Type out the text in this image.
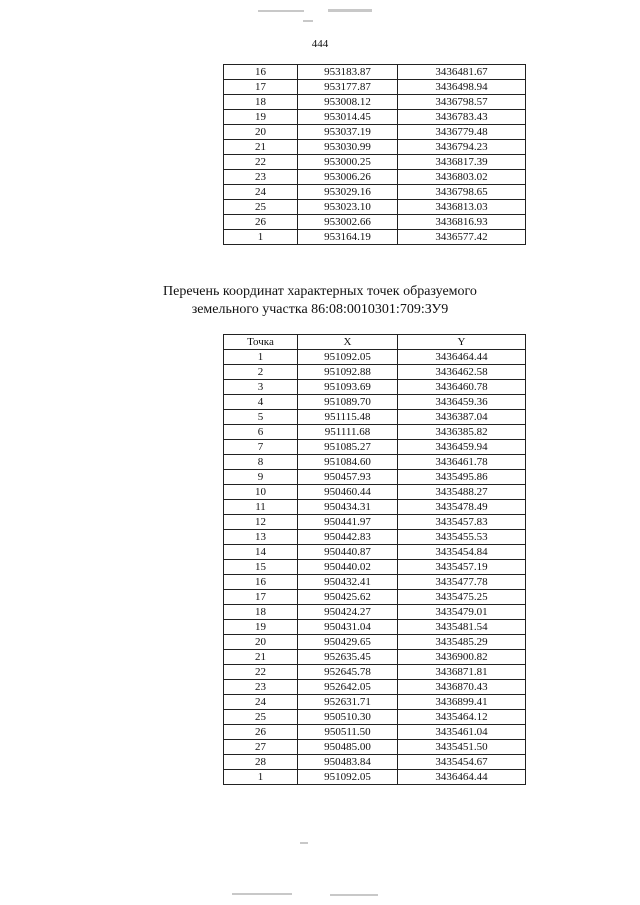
444
16	953183.87	3436481.67
17	953177.87	3436498.94
18	953008.12	3436798.57
19	953014.45	3436783.43
20	953037.19	3436779.48
21	953030.99	3436794.23
22	953000.25	3436817.39
23	953006.26	3436803.02
24	953029.16	3436798.65
25	953023.10	3436813.03
26	953002.66	3436816.93
1	953164.19	3436577.42
Перечень координат характерных точек образуемого
земельного участка 86:08:0010301:709:ЗУ9
Точка	X	Y
1	951092.05	3436464.44
2	951092.88	3436462.58
3	951093.69	3436460.78
4	951089.70	3436459.36
5	951115.48	3436387.04
6	951111.68	3436385.82
7	951085.27	3436459.94
8	951084.60	3436461.78
9	950457.93	3435495.86
10	950460.44	3435488.27
11	950434.31	3435478.49
12	950441.97	3435457.83
13	950442.83	3435455.53
14	950440.87	3435454.84
15	950440.02	3435457.19
16	950432.41	3435477.78
17	950425.62	3435475.25
18	950424.27	3435479.01
19	950431.04	3435481.54
20	950429.65	3435485.29
21	952635.45	3436900.82
22	952645.78	3436871.81
23	952642.05	3436870.43
24	952631.71	3436899.41
25	950510.30	3435464.12
26	950511.50	3435461.04
27	950485.00	3435451.50
28	950483.84	3435454.67
1	951092.05	3436464.44
